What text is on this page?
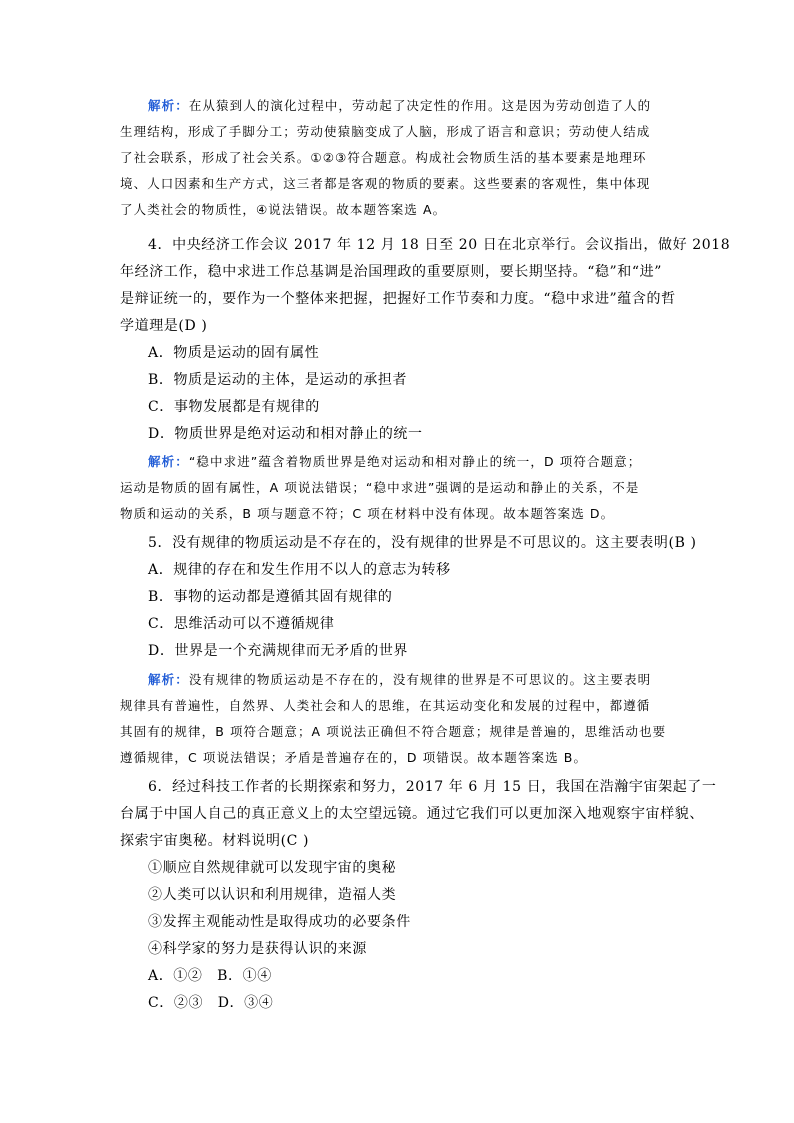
解析：在从猿到人的演化过程中，劳动起了决定性的作用。这是因为劳动创造了人的
生理结构，形成了手脚分工；劳动使猿脑变成了人脑，形成了语言和意识；劳动使人结成
了社会联系，形成了社会关系。①②③符合题意。构成社会物质生活的基本要素是地理环
境、人口因素和生产方式，这三者都是客观的物质的要素。这些要素的客观性，集中体现
了人类社会的物质性，④说法错误。故本题答案选 A。
4．中央经济工作会议 2017 年 12 月 18 日至 20 日在北京举行。会议指出，做好 2018
年经济工作，稳中求进工作总基调是治国理政的重要原则，要长期坚持。“稳”和“进”
是辩证统一的，要作为一个整体来把握，把握好工作节奏和力度。“稳中求进”蕴含的哲
学道理是(D )
A．物质是运动的固有属性
B．物质是运动的主体，是运动的承担者
C．事物发展都是有规律的
D．物质世界是绝对运动和相对静止的统一
解析：“稳中求进”蕴含着物质世界是绝对运动和相对静止的统一，D 项符合题意；
运动是物质的固有属性，A 项说法错误；“稳中求进”强调的是运动和静止的关系，不是
物质和运动的关系，B 项与题意不符；C 项在材料中没有体现。故本题答案选 D。
5．没有规律的物质运动是不存在的，没有规律的世界是不可思议的。这主要表明(B )
A．规律的存在和发生作用不以人的意志为转移
B．事物的运动都是遵循其固有规律的
C．思维活动可以不遵循规律
D．世界是一个充满规律而无矛盾的世界
解析：没有规律的物质运动是不存在的，没有规律的世界是不可思议的。这主要表明
规律具有普遍性，自然界、人类社会和人的思维，在其运动变化和发展的过程中，都遵循
其固有的规律，B 项符合题意；A 项说法正确但不符合题意；规律是普遍的，思维活动也要
遵循规律，C 项说法错误；矛盾是普遍存在的，D 项错误。故本题答案选 B。
6．经过科技工作者的长期探索和努力，2017 年 6 月 15 日，我国在浩瀚宇宙架起了一
台属于中国人自己的真正意义上的太空望远镜。通过它我们可以更加深入地观察宇宙样貌、
探索宇宙奥秘。材料说明(C )
①顺应自然规律就可以发现宇宙的奥秘
②人类可以认识和利用规律，造福人类
③发挥主观能动性是取得成功的必要条件
④科学家的努力是获得认识的来源
A．①②　B．①④
C．②③　D．③④
